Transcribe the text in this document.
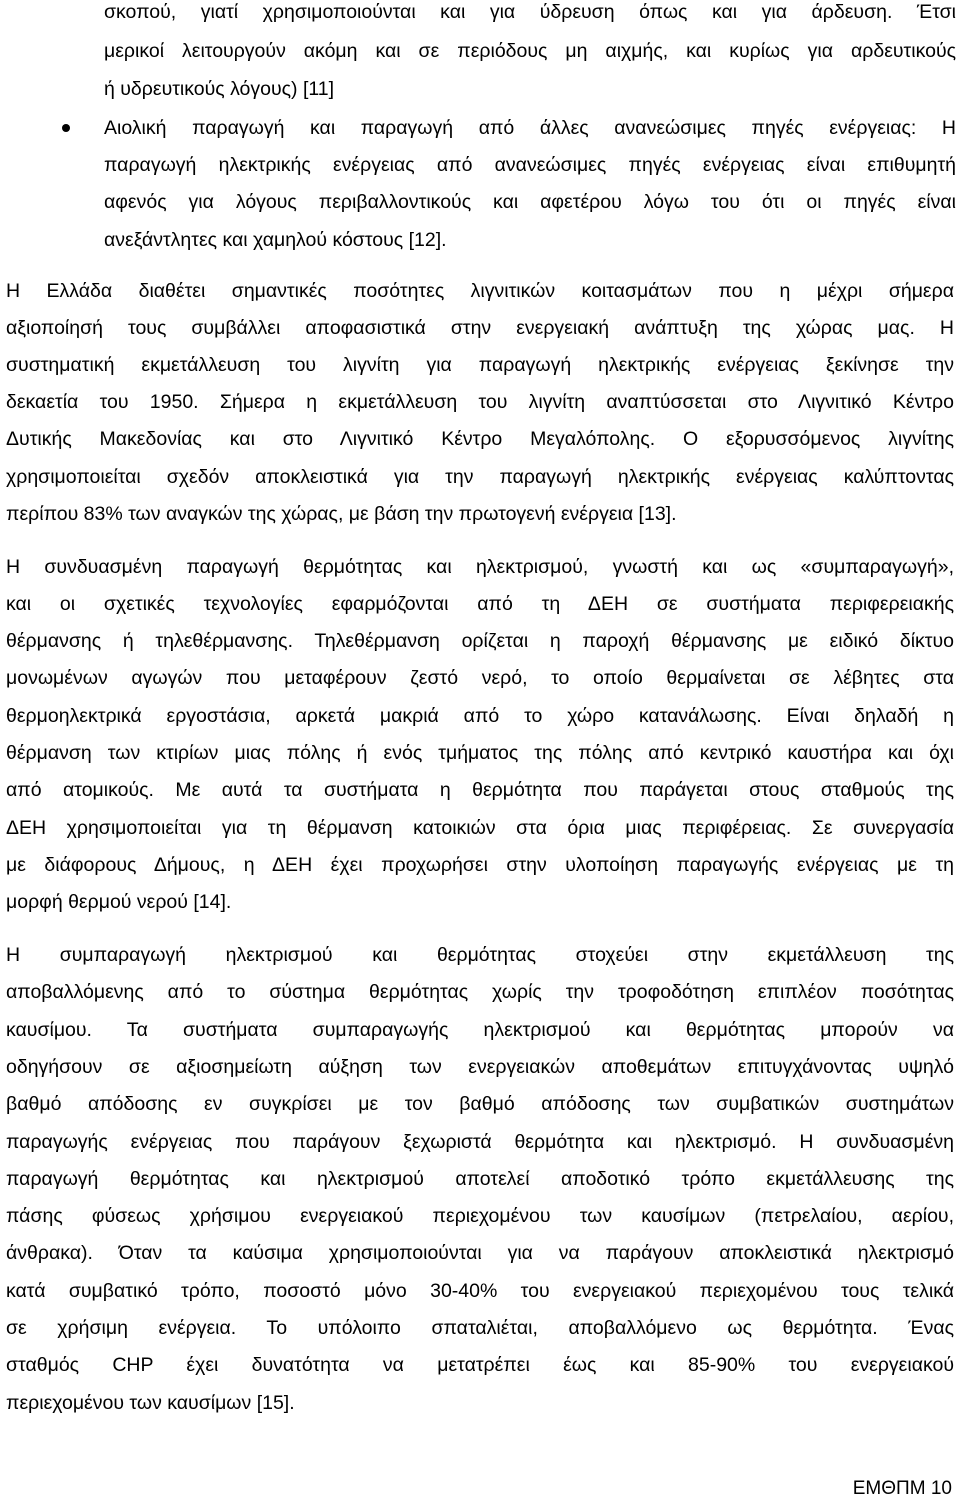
σκοπού, γιατί χρησιμοποιούνται και για ύδρευση όπως και για άρδευση. Έτσι
μερικοί λειτουργούν ακόμη και σε περιόδους μη αιχμής, και κυρίως για αρδευτικούς
ή υδρευτικούς λόγους) [11]
Αιολική παραγωγή και παραγωγή από άλλες ανανεώσιμες πηγές ενέργειας: Η
παραγωγή ηλεκτρικής ενέργειας από ανανεώσιμες πηγές ενέργειας είναι επιθυμητή
αφενός για λόγους περιβαλλοντικούς και αφετέρου λόγω του ότι οι πηγές είναι
ανεξάντλητες και χαμηλού κόστους [12].
Η Ελλάδα διαθέτει σημαντικές ποσότητες λιγνιτικών κοιτασμάτων που η μέχρι σήμερα
αξιοποίησή τους συμβάλλει αποφασιστικά στην ενεργειακή ανάπτυξη της χώρας μας. Η
συστηματική εκμετάλλευση του λιγνίτη για παραγωγή ηλεκτρικής ενέργειας ξεκίνησε την
δεκαετία του 1950. Σήμερα η εκμετάλλευση του λιγνίτη αναπτύσσεται στο Λιγνιτικό Κέντρο
Δυτικής Μακεδονίας και στο Λιγνιτικό Κέντρο Μεγαλόπολης. Ο εξορυσσόμενος λιγνίτης
χρησιμοποιείται σχεδόν αποκλειστικά για την παραγωγή ηλεκτρικής ενέργειας καλύπτοντας
περίπου 83% των αναγκών της χώρας, με βάση την πρωτογενή ενέργεια [13].
Η συνδυασμένη παραγωγή θερμότητας και ηλεκτρισμού, γνωστή και ως «συμπαραγωγή»,
και οι σχετικές τεχνολογίες εφαρμόζονται από τη ΔΕΗ σε συστήματα περιφερειακής
θέρμανσης ή τηλεθέρμανσης. Τηλεθέρμανση ορίζεται η παροχή θέρμανσης με ειδικό δίκτυο
μονωμένων αγωγών που μεταφέρουν ζεστό νερό, το οποίο θερμαίνεται σε λέβητες στα
θερμοηλεκτρικά εργοστάσια, αρκετά μακριά από το χώρο κατανάλωσης. Είναι δηλαδή η
θέρμανση των κτιρίων μιας πόλης ή ενός τμήματος της πόλης από κεντρικό καυστήρα και όχι
από ατομικούς. Με αυτά τα συστήματα η θερμότητα που παράγεται στους σταθμούς της
ΔΕΗ χρησιμοποιείται για τη θέρμανση κατοικιών στα όρια μιας περιφέρειας. Σε συνεργασία
με διάφορους Δήμους, η ΔΕΗ έχει προχωρήσει στην υλοποίηση παραγωγής ενέργειας με τη
μορφή θερμού νερού [14].
Η συμπαραγωγή ηλεκτρισμού και θερμότητας στοχεύει στην εκμετάλλευση της
αποβαλλόμενης από το σύστημα θερμότητας χωρίς την τροφοδότηση επιπλέον ποσότητας
καυσίμου. Τα συστήματα συμπαραγωγής ηλεκτρισμού και θερμότητας μπορούν να
οδηγήσουν σε αξιοσημείωτη αύξηση των ενεργειακών αποθεμάτων επιτυγχάνοντας υψηλό
βαθμό απόδοσης εν συγκρίσει με τον βαθμό απόδοσης των συμβατικών συστημάτων
παραγωγής ενέργειας που παράγουν ξεχωριστά θερμότητα και ηλεκτρισμό. Η συνδυασμένη
παραγωγή θερμότητας και ηλεκτρισμού αποτελεί αποδοτικό τρόπο εκμετάλλευσης της
πάσης φύσεως χρήσιμου ενεργειακού περιεχομένου των καυσίμων (πετρελαίου, αερίου,
άνθρακα). Όταν τα καύσιμα χρησιμοποιούνται για να παράγουν αποκλειστικά ηλεκτρισμό
κατά συμβατικό τρόπο, ποσοστό μόνο 30-40% του ενεργειακού περιεχομένου τους τελικά
σε χρήσιμη ενέργεια. Το υπόλοιπο σπαταλιέται, αποβαλλόμενο ως θερμότητα. Ένας
σταθμός CHP έχει δυνατότητα να μετατρέπει έως και 85-90% του ενεργειακού
περιεχομένου των καυσίμων [15].
ΕΜΘΠΜ 10
